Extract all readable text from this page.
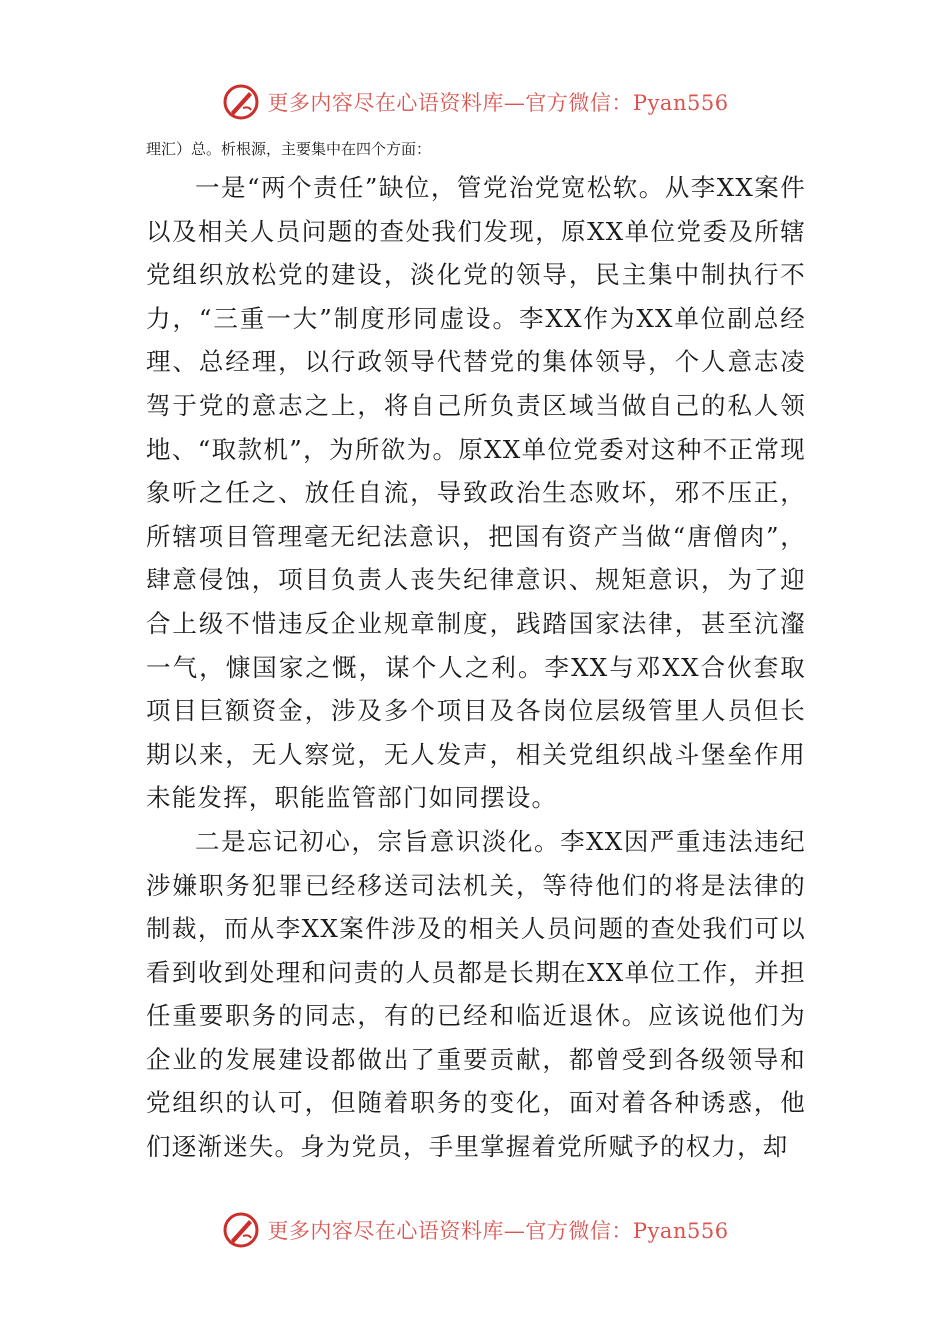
更多内容尽在心语资料库—官方微信：Pyan556

理汇）总。析根源，主要集中在四个方面：

一是“两个责任”缺位，管党治党宽松软。从李XX案件以及相关人员问题的查处我们发现，原XX单位党委及所辖党组织放松党的建设，淡化党的领导，民主集中制执行不力，“三重一大”制度形同虚设。李XX作为XX单位副总经理、总经理，以行政领导代替党的集体领导，个人意志凌驾于党的意志之上，将自己所负责区域当做自己的私人领地、“取款机”，为所欲为。原XX单位党委对这种不正常现象听之任之、放任自流，导致政治生态败坏，邪不压正，所辖项目管理毫无纪法意识，把国有资产当做“唐僧肉”，肆意侵蚀，项目负责人丧失纪律意识、规矩意识，为了迎合上级不惜违反企业规章制度，践踏国家法律，甚至沆瀣一气，慷国家之慨，谋个人之利。李XX与邓XX合伙套取项目巨额资金，涉及多个项目及各岗位层级管里人员但长期以来，无人察觉，无人发声，相关党组织战斗堡垒作用未能发挥，职能监管部门如同摆设。

二是忘记初心，宗旨意识淡化。李XX因严重违法违纪涉嫌职务犯罪已经移送司法机关，等待他们的将是法律的制裁，而从李XX案件涉及的相关人员问题的查处我们可以看到收到处理和问责的人员都是长期在XX单位工作，并担任重要职务的同志，有的已经和临近退休。应该说他们为企业的发展建设都做出了重要贡献，都曾受到各级领导和党组织的认可，但随着职务的变化，面对着各种诱惑，他们逐渐迷失。身为党员，手里掌握着党所赋予的权力，却

更多内容尽在心语资料库—官方微信：Pyan556
